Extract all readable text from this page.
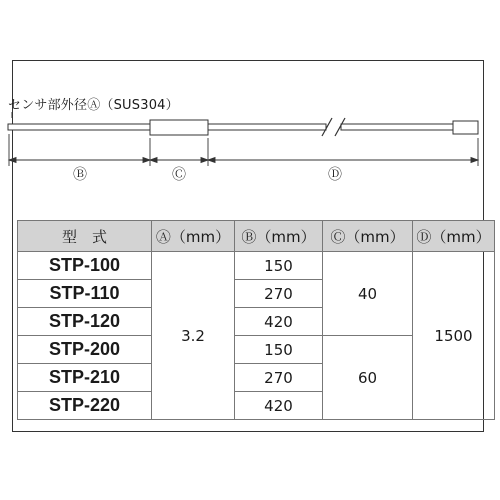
センサ部外径Ⓐ（SUS304）
Ⓑ	Ⓒ	Ⓓ
型　式	Ⓐ（mm）	Ⓑ（mm）	Ⓒ（mm）	Ⓓ（mm）
STP-100	3.2	150	40	1500
STP-110		270		
STP-120		420		
STP-200		150	60	
STP-210		270		
STP-220		420		
